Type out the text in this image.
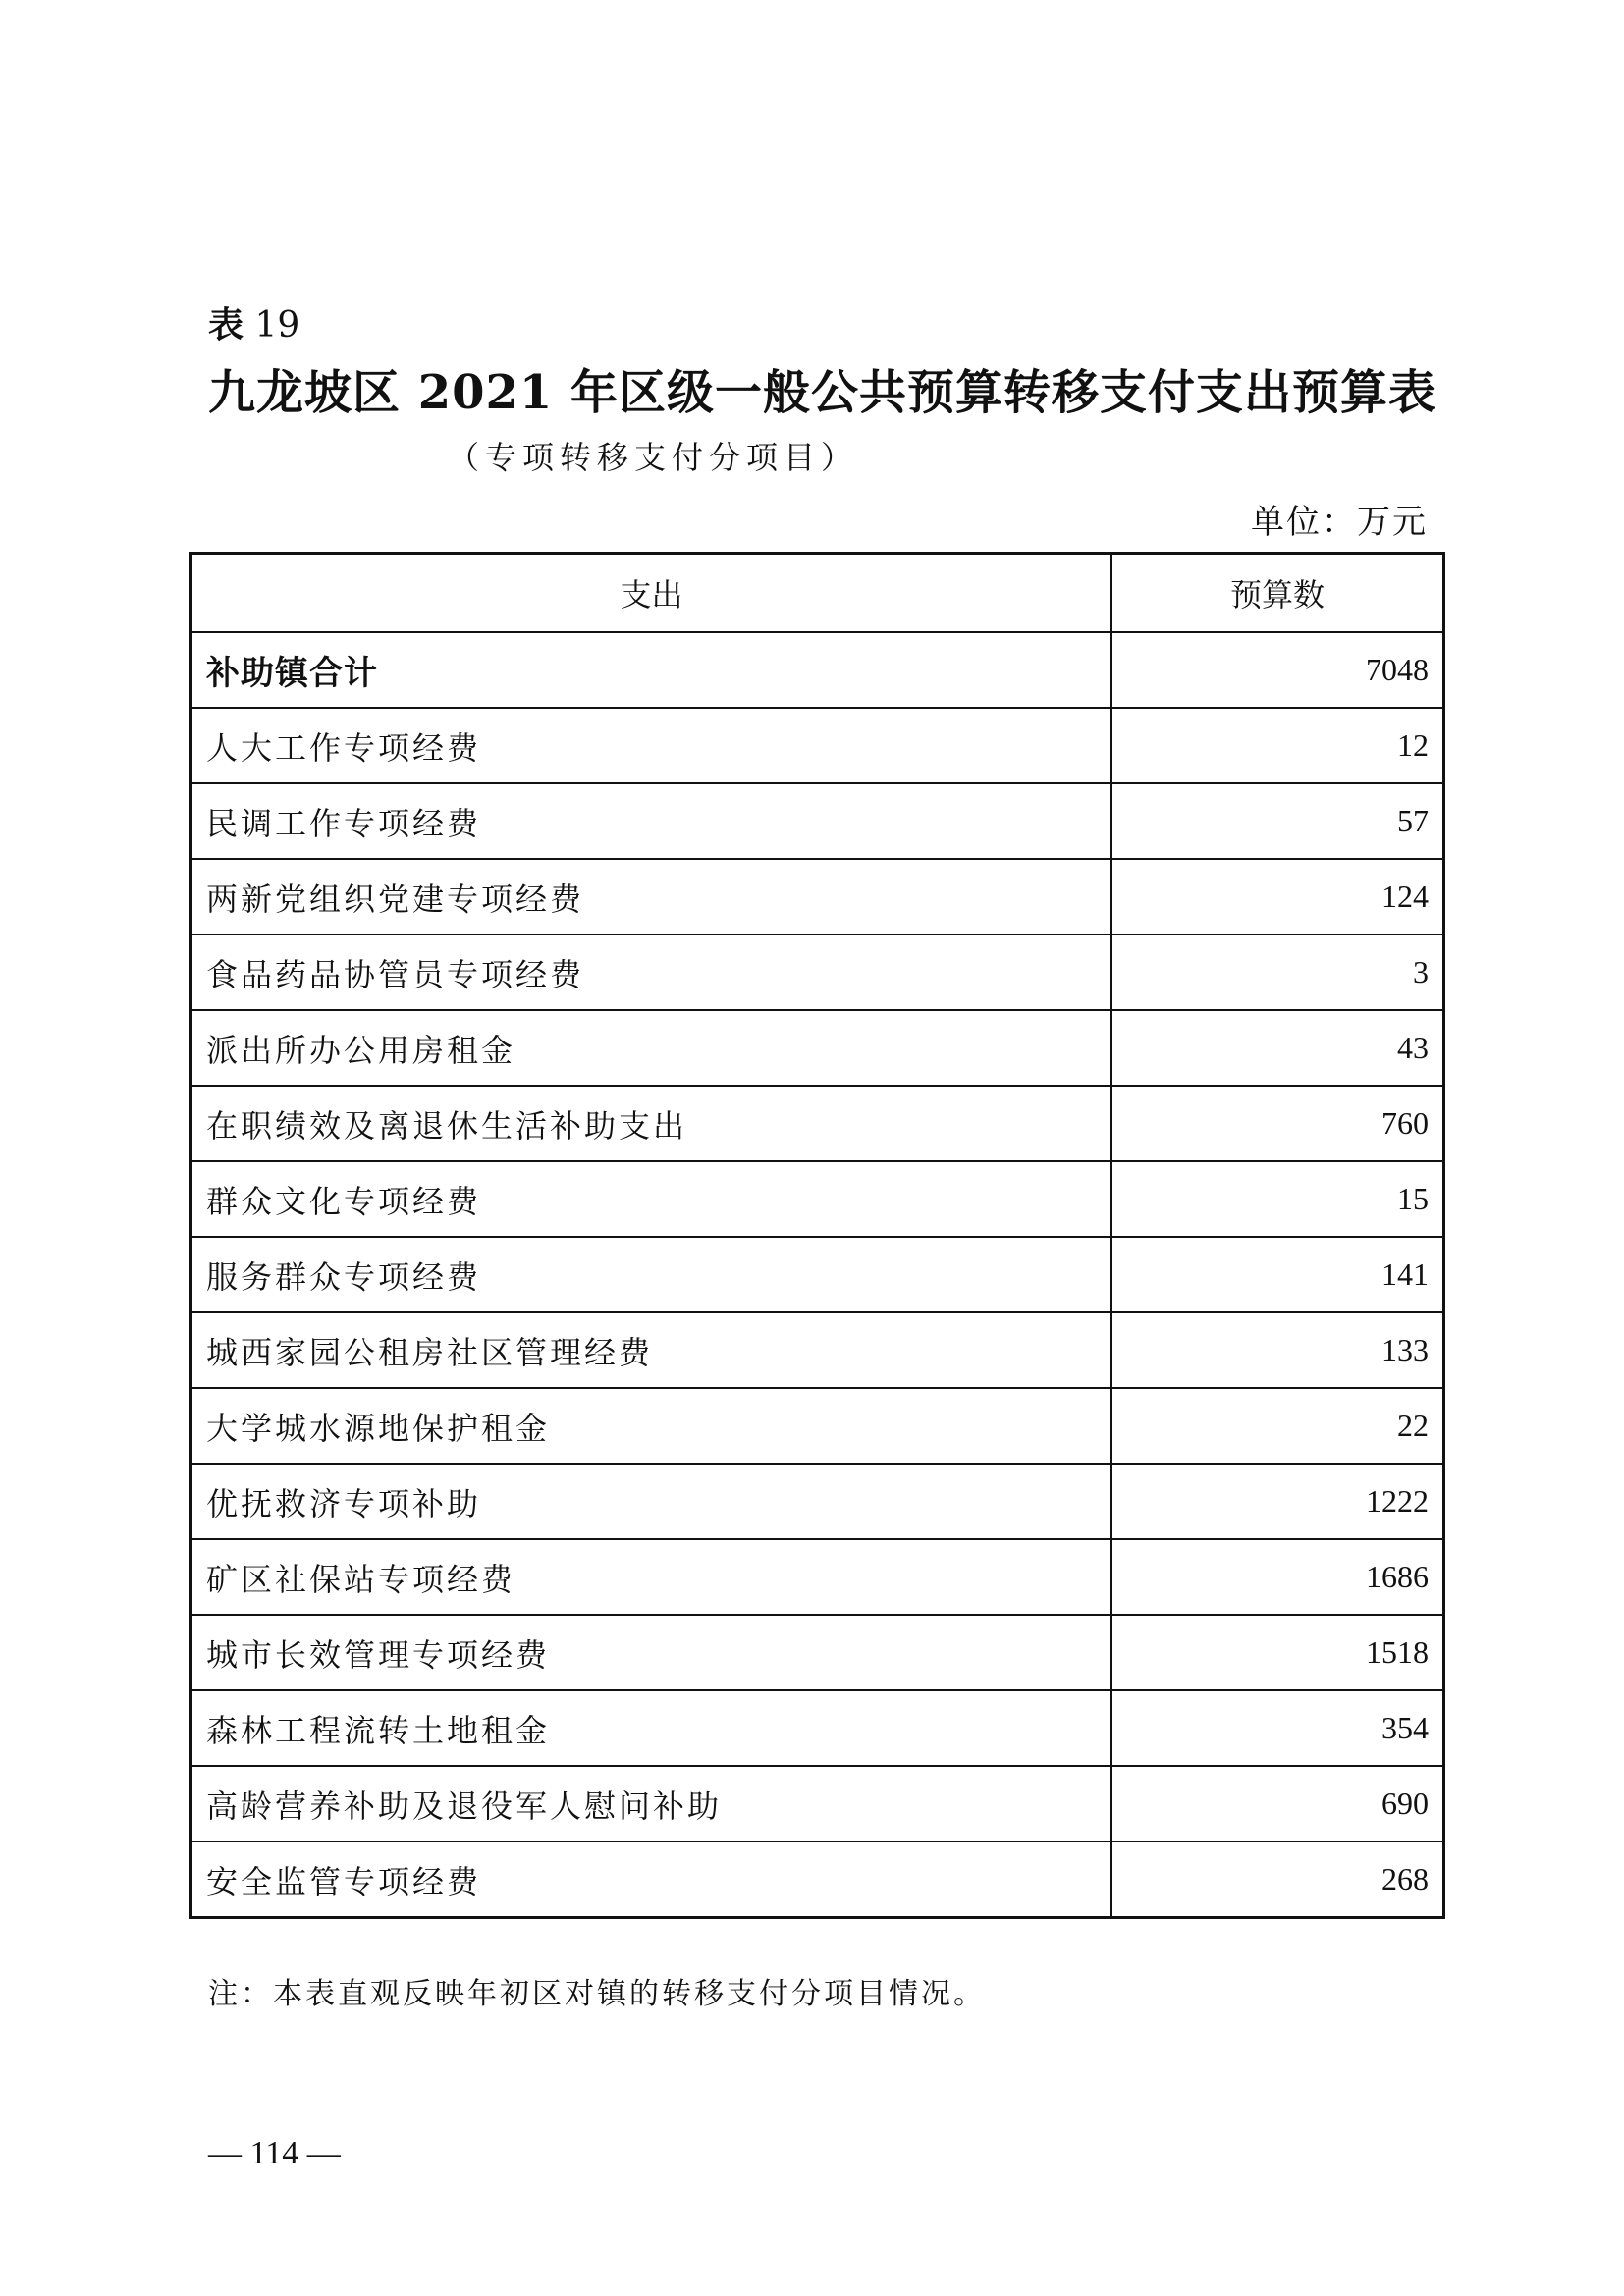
表 19
九龙坡区 2021 年区级一般公共预算转移支付支出预算表
（专项转移支付分项目）
单位：万元
支出	预算数
补助镇合计	7048
人大工作专项经费	12
民调工作专项经费	57
两新党组织党建专项经费	124
食品药品协管员专项经费	3
派出所办公用房租金	43
在职绩效及离退休生活补助支出	760
群众文化专项经费	15
服务群众专项经费	141
城西家园公租房社区管理经费	133
大学城水源地保护租金	22
优抚救济专项补助	1222
矿区社保站专项经费	1686
城市长效管理专项经费	1518
森林工程流转土地租金	354
高龄营养补助及退役军人慰问补助	690
安全监管专项经费	268
注：本表直观反映年初区对镇的转移支付分项目情况。
— 114 —
